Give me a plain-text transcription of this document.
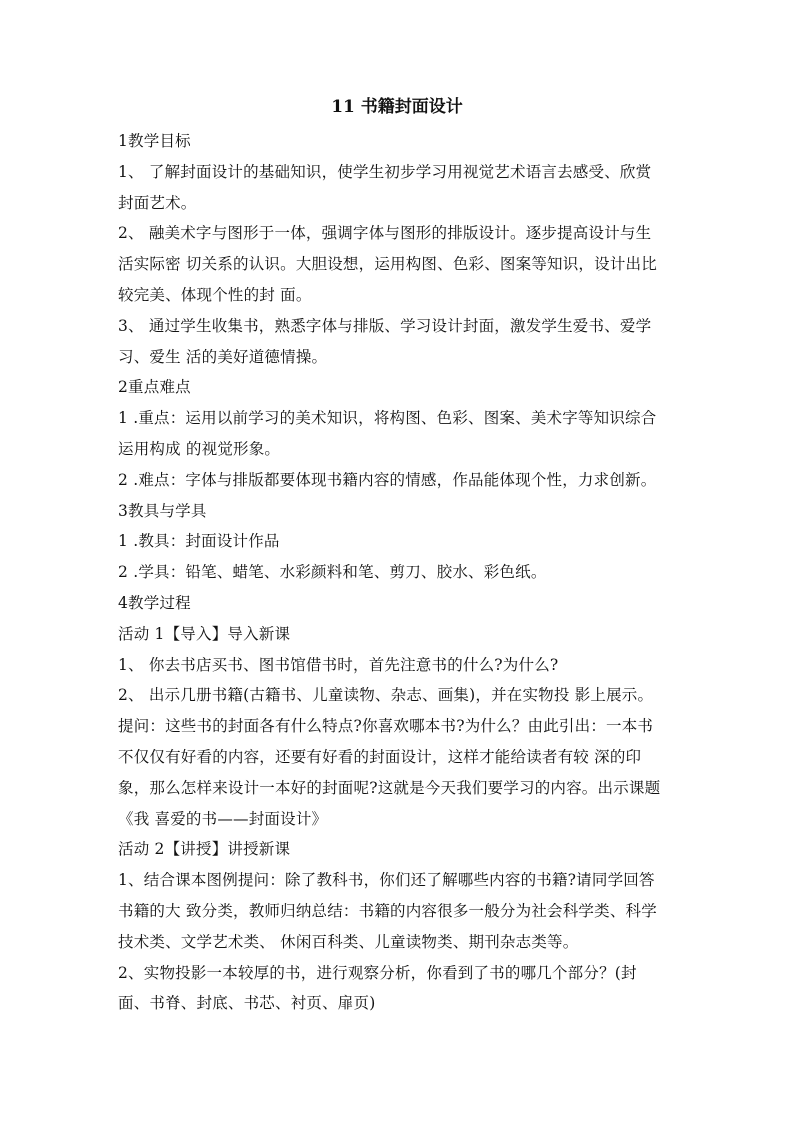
11 书籍封面设计
1教学目标
1、 了解封面设计的基础知识，使学生初步学习用视觉艺术语言去感受、欣赏
封面艺术。
2、 融美术字与图形于一体，强调字体与图形的排版设计。逐步提高设计与生
活实际密 切关系的认识。大胆设想，运用构图、色彩、图案等知识，设计出比
较完美、体现个性的封 面。
3、 通过学生收集书，熟悉字体与排版、学习设计封面，激发学生爱书、爱学
习、爱生 活的美好道德情操。
2重点难点
1 .重点：运用以前学习的美术知识，将构图、色彩、图案、美术字等知识综合
运用构成 的视觉形象。
2 .难点：字体与排版都要体现书籍内容的情感，作品能体现个性，力求创新。
3教具与学具
1 .教具：封面设计作品
2 .学具：铅笔、蜡笔、水彩颜料和笔、剪刀、胶水、彩色纸。
4教学过程
活动 1【导入】导入新课
1、 你去书店买书、图书馆借书时，首先注意书的什么?为什么?
2、 出示几册书籍(古籍书、儿童读物、杂志、画集)，并在实物投 影上展示。
提问：这些书的封面各有什么特点?你喜欢哪本书?为什么？由此引出：一本书
不仅仅有好看的内容，还要有好看的封面设计，这样才能给读者有较 深的印
象，那么怎样来设计一本好的封面呢?这就是今天我们要学习的内容。出示课题
《我 喜爱的书——封面设计》
活动 2【讲授】讲授新课
1、结合课本图例提问：除了教科书，你们还了解哪些内容的书籍?请同学回答
书籍的大 致分类，教师归纳总结：书籍的内容很多一般分为社会科学类、科学
技术类、文学艺术类、 休闲百科类、儿童读物类、期刊杂志类等。
2、实物投影一本较厚的书，进行观察分析，你看到了书的哪几个部分？(封
面、书脊、封底、书芯、衬页、扉页)
